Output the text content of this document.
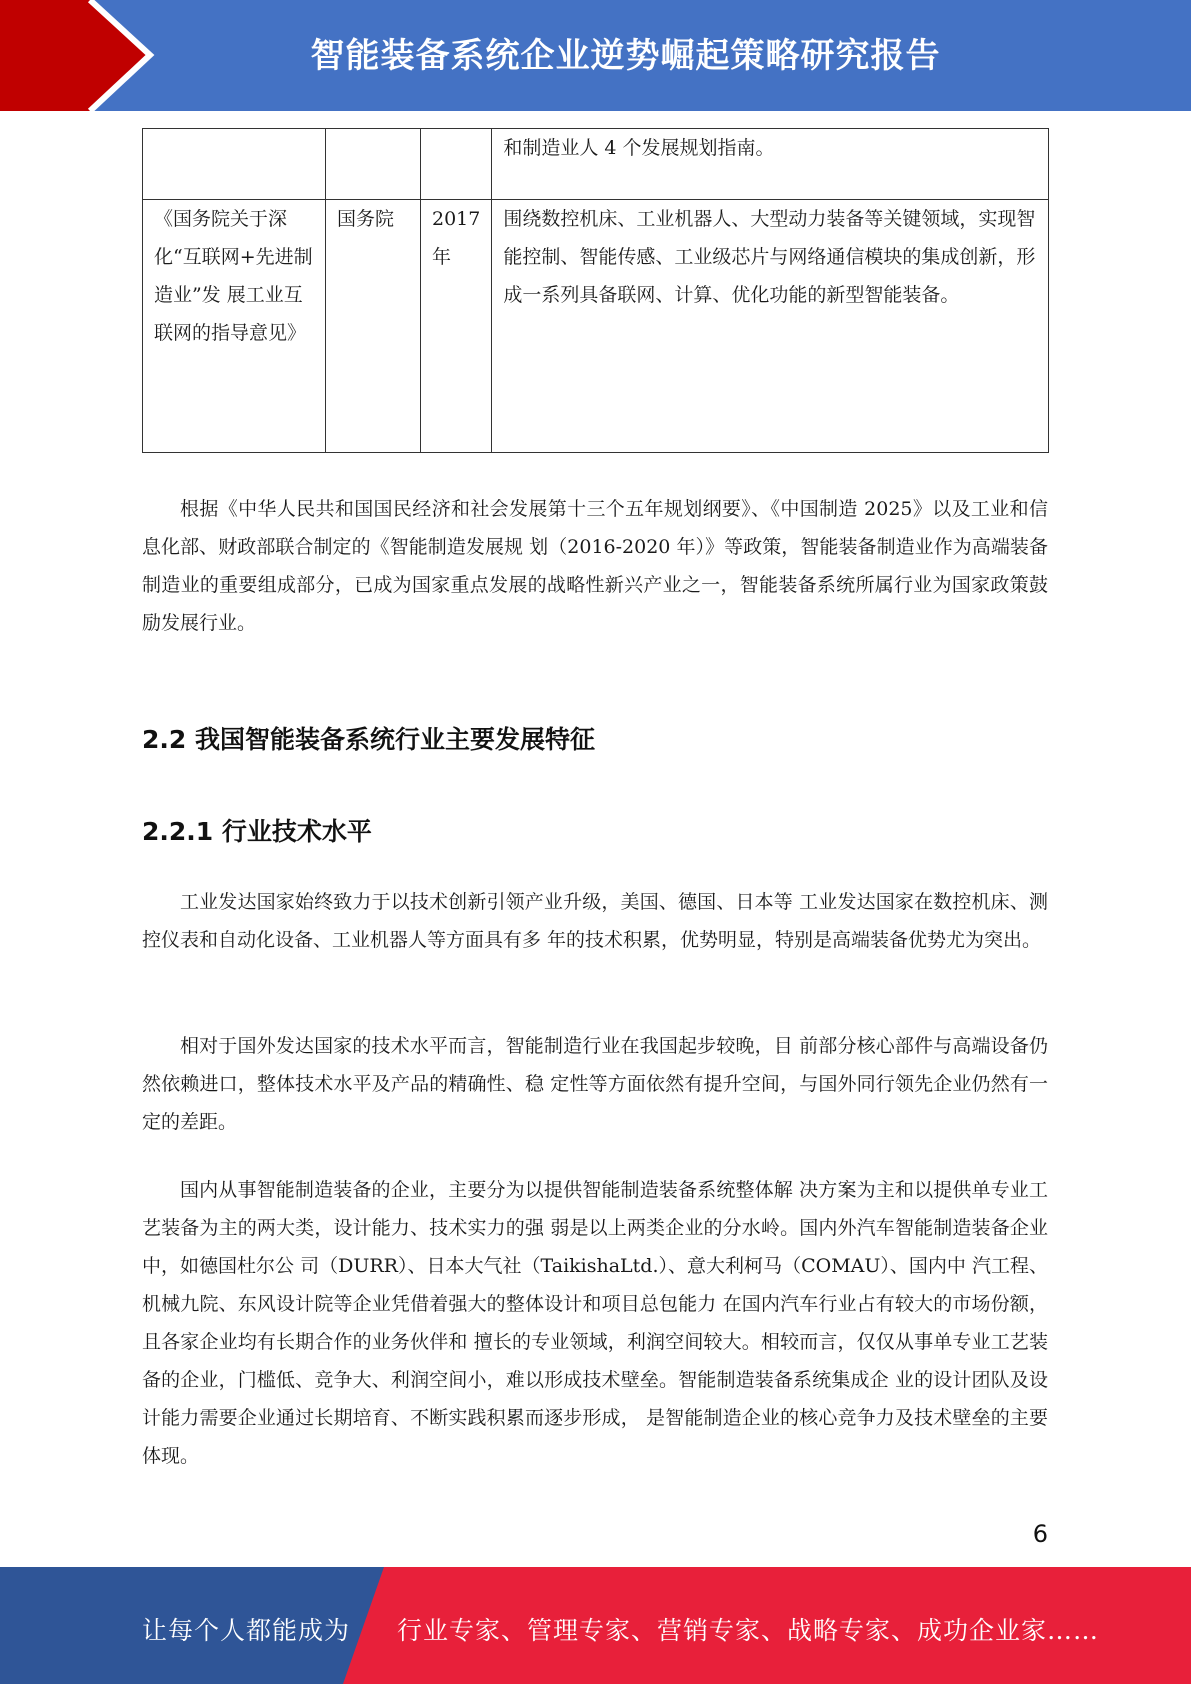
智能装备系统企业逆势崛起策略研究报告
			和制造业人 4 个发展规划指南。
《国务院关于深化“互联网+先进制造业”发 展工业互联网的指导意见》	国务院	2017 年	围绕数控机床、工业机器人、大型动力装备等关键领域，实现智能控制、智能传感、工业级芯片与网络通信模块的集成创新，形成一系列具备联网、计算、优化功能的新型智能装备。

根据《中华人民共和国国民经济和社会发展第十三个五年规划纲要》、《中国制造 2025》以及工业和信息化部、财政部联合制定的《智能制造发展规 划（2016-2020 年）》等政策，智能装备制造业作为高端装备制造业的重要组成部分，已成为国家重点发展的战略性新兴产业之一，智能装备系统所属行业为国家政策鼓励发展行业。

2.2 我国智能装备系统行业主要发展特征
2.2.1 行业技术水平

工业发达国家始终致力于以技术创新引领产业升级，美国、德国、日本等 工业发达国家在数控机床、测控仪表和自动化设备、工业机器人等方面具有多 年的技术积累，优势明显，特别是高端装备优势尤为突出。

相对于国外发达国家的技术水平而言，智能制造行业在我国起步较晚，目 前部分核心部件与高端设备仍然依赖进口，整体技术水平及产品的精确性、稳 定性等方面依然有提升空间，与国外同行领先企业仍然有一定的差距。

国内从事智能制造装备的企业，主要分为以提供智能制造装备系统整体解 决方案为主和以提供单专业工艺装备为主的两大类，设计能力、技术实力的强 弱是以上两类企业的分水岭。国内外汽车智能制造装备企业中，如德国杜尔公 司（DURR）、日本大气社（TaikishaLtd.）、意大利柯马（COMAU）、国内中 汽工程、机械九院、东风设计院等企业凭借着强大的整体设计和项目总包能力 在国内汽车行业占有较大的市场份额，且各家企业均有长期合作的业务伙伴和 擅长的专业领域，利润空间较大。相较而言，仅仅从事单专业工艺装备的企业，门槛低、竞争大、利润空间小，难以形成技术壁垒。智能制造装备系统集成企 业的设计团队及设计能力需要企业通过长期培育、不断实践积累而逐步形成， 是智能制造企业的核心竞争力及技术壁垒的主要体现。

6
让每个人都能成为 行业专家、管理专家、营销专家、战略专家、成功企业家……
